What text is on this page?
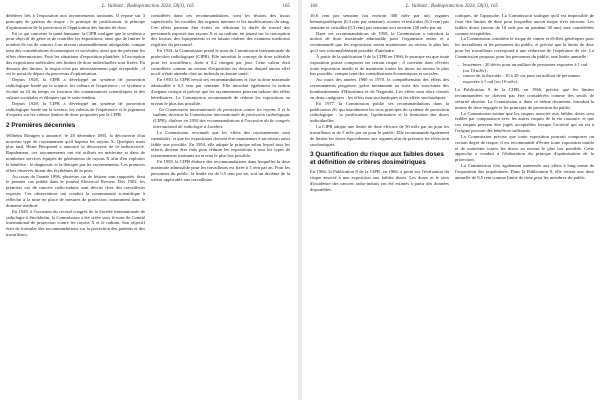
L. Vaillant : Radioprotection 2024, 59(3), 165	165

délétères liés à l'exposition aux rayonnements ionisants. Il repose sur 3 principes de gestion du risque : le principe de justification, le principe d'optimisation de la protection et l'application des limites de dose.

En ce qui concerne la santé humaine, la CIPR souligne que le système a pour objectif de gérer et de contrôler les expositions, ainsi que de limiter le nombre de cas de cancers à un niveau raisonnablement atteignable, compte tenu des considérations économiques et sociétales, ainsi que de prévenir les effets déterministes. Pour les situations d'exposition planifiée, à l'exception des expositions médicales, des limites de dose individuelles sont fixées. En dessous des limites, le risque n'est pas nécessairement jugé acceptable ; il est le point de départ du processus d'optimisation.

Depuis 1928, la CIPR a développé un système de protection radiologique fondé sur la science, les valeurs et l'expérience ; ce système a évolué au fil du temps en fonction des connaissances scientifiques et des valeurs sociétales et éthiques qui le sous-tendent.

Depuis 1928, la CIPR a développé un système de protection radiologique fondé sur la science, les valeurs de l'expérience et le jugement d'experts sur les valeurs limites de dose proposées par la CIPR.

2 Premières décennies

Wilhelm Röntgen a annoncé, le 28 décembre 1895, la découverte d'un nouveau type de rayonnement qu'il baptisa les rayons X. Quelques mois plus tard, Henri Becquerel a annoncé la découverte de la radioactivité. Rapidement, ces rayonnements ont été utilisés en médecine et dans de nombreux services équipés de générateurs de rayons X afin d'en exploiter le bénéfice : le diagnostic et la thérapie par les rayonnements. Les premiers effets observés furent des érythèmes de la peau.

Au cours de l'année 1896, plusieurs cas de lésions sont rapportés, dont le premier cas publié dans le journal Electrical Review. Dès 1902, les premiers cas de cancers radio-induits sont décrits chez des travailleurs exposés. Ces observations ont conduit la communauté scientifique à réfléchir à la mise en place de mesures de protection, notamment dans le domaine médical.

En 1928, à l'occasion du second congrès de la Société internationale de radiologie à Stockholm, la Commission a été créée sous le nom de Comité international de protection contre les rayons X et le radium. Son objectif était de formuler des recommandations sur la protection des patients et des travailleurs.

considérés dans ces recommandations, sont les lésions des tissus superficiels, les troubles des organes internes et les modifications du sang. Ces effets peuvent être évités en réduisant la durée de travail des personnels exposés aux rayons X et au radium, en jouant sur la conception des locaux, des équipements et en faisant réaliser des examens médicaux réguliers du personnel.

En 1934, la Commission prend le nom de Commission internationale de protection radiologique (CIPR). Elle introduit le concept de dose tolérable pour les travailleurs, fixée à 0,2 röntgen par jour. Cette valeur était considérée comme un niveau d'exposition en dessous duquel aucun effet nocif n'était attendu chez un individu en bonne santé.

En 1950, la CIPR revoit ses recommandations et fixe la dose maximale admissible à 0,3 rem par semaine. Elle introduit également la notion d'organe critique et précise que les rayonnements peuvent induire des effets héréditaires. La Commission recommande de réduire les expositions au niveau le plus bas possible.

La Commission internationale de protection contre les rayons X et le radium, devenue la Commission internationale de protection radiologique (CIPR), élabore en 1950 des recommandations à l'occasion du 6e congrès international de radiologie à Londres.

La Commission reconnaît que les effets des rayonnements sont cumulatifs, et que les expositions doivent être maintenues à un niveau aussi faible que possible. En 1954, elle adopte le principe selon lequel tous les efforts doivent être faits pour réduire les expositions à tous les types de rayonnements ionisants au niveau le plus bas possible.

En 1958, la CIPR élabore des recommandations dans lesquelles la dose maximale admissible pour les travailleurs est fixée à 5 rem par an. Pour les personnes du public, la limite est de 0,5 rem par an, soit un dixième de la valeur applicable aux travailleurs.

166	L. Vaillant : Radioprotection 2024, 59(3), 165

10,6 rem par semaine (ou environ 300 mSv par an), organes hématopoïétiques (0,3 rem par semaine), ovaires et testicules (0,3 rem) par semaine et cristallin (0,3 rem) par semaine soit environ 150 mSv par an.

Dans ses recommandations de 1958, la Commission a introduit la notion de dose maximale admissible pour l'organisme entier et a recommandé que les expositions soient maintenues au niveau le plus bas qu'il soit raisonnablement possible d'atteindre.

À partir de la publication 9 de la CIPR en 1966, le principe est que toute exposition puisse comporter un certain risque ; il convient donc d'éviter toute exposition inutile et de maintenir toutes les doses au niveau le plus bas possible, compte tenu des considérations économiques et sociales.

Au cours des années 1960 et 1970, la compréhension des effets des rayonnements progresse, grâce notamment au suivi des survivants des bombardements d'Hiroshima et de Nagasaki. Les effets sont alors classés en deux catégories : les effets non stochastiques et les effets stochastiques.

En 1977, la Commission publie ses recommandations dans la publication 26, qui introduisent les trois principes du système de protection radiologique : la justification, l'optimisation et la limitation des doses individuelles.

La CIPR adopte une limite de dose efficace de 50 mSv par an pour les travailleurs et de 5 mSv par an pour le public. Elle recommande également de limiter les doses équivalentes aux organes afin de prévenir les effets non stochastiques.

3 Quantification du risque aux faibles doses et définition de critères dosimétriques

En 1966, la Publication 8 de la CIPR, en 1966, a porté sur l'évaluation du risque associé à une exposition aux faibles doses. Les doses et le taux d'incidence des cancers radio-induits ont été estimés à partir des données disponibles.

critiques, de l'approche. La Commission souligne qu'il est impossible de fixer des limites de dose pour lesquelles aucun risque n'est encouru. Les faibles doses (moins de 10 rads par an pendant 30 ans) sont considérées comme acceptables.

La Commission considère le risque de cancer et d'effets génétiques pour les travailleurs et les personnes du public, et précise que la limite de dose pour les travailleurs correspond à une réduction de l'espérance de vie. La Commission propose, pour les personnes du public, une limite annuelle :

– leucémies : 20 décès pour un million de personnes exposées à 1 rad (ou 10 mSv) ;
– cancer de la thyroïde : 10 à 20 cas pour un million de personnes exposées à 1 rad (ou 10 mSv).

La Publication 9 de la CIPR, en 1966, précise que les limites recommandées ne doivent pas être considérées comme des seuils de sécurité absolue. La Commission a, dans ce même document, introduit la notion de dose engagée et les principes de protection du public.

La Commission estime que les risques associés aux faibles doses sont faibles par comparaison avec les autres risques de la vie courante, et que ces risques peuvent être jugés acceptables lorsque l'activité qui en est à l'origine procure des bénéfices suffisants.

La Commission précise que toute exposition pourrait comporter un certain degré de risque, il est recommandé d'éviter toute exposition inutile et de maintenir toutes les doses au niveau le plus bas possible. Cette approche a conduit à l'élaboration du principe d'optimisation de la protection.

La Commission s'est également intéressée aux effets à long terme de l'exposition des populations. Dans la Publication 9, elle retient une dose annuelle de 0,5 rem comme limite de dose pour les membres du public.
